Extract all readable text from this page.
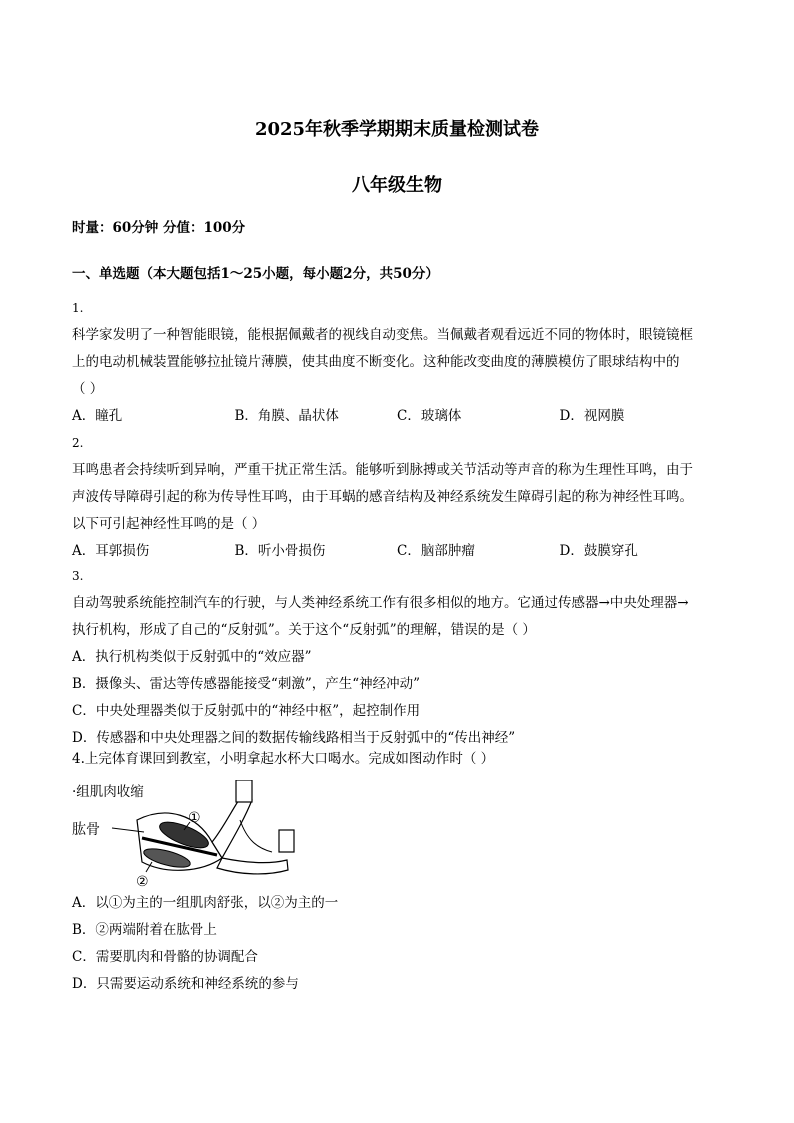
2025年秋季学期期末质量检测试卷
八年级生物
时量：60分钟 分值：100分
一、单选题（本大题包括1～25小题，每小题2分，共50分）
1.
科学家发明了一种智能眼镜，能根据佩戴者的视线自动变焦。当佩戴者观看远近不同的物体时，眼镜镜框
上的电动机械装置能够拉扯镜片薄膜，使其曲度不断变化。这种能改变曲度的薄膜模仿了眼球结构中的
（ ）
A．瞳孔	B．角膜、晶状体	C．玻璃体	D．视网膜
2.
耳鸣患者会持续听到异响，严重干扰正常生活。能够听到脉搏或关节活动等声音的称为生理性耳鸣，由于
声波传导障碍引起的称为传导性耳鸣，由于耳蜗的感音结构及神经系统发生障碍引起的称为神经性耳鸣。
以下可引起神经性耳鸣的是（ ）
A．耳郭损伤	B．听小骨损伤	C．脑部肿瘤	D．鼓膜穿孔
3.
自动驾驶系统能控制汽车的行驶，与人类神经系统工作有很多相似的地方。它通过传感器→中央处理器→
执行机构，形成了自己的“反射弧”。关于这个“反射弧”的理解，错误的是（ ）
A．执行机构类似于反射弧中的“效应器”
B．摄像头、雷达等传感器能接受“刺激”，产生“神经冲动”
C．中央处理器类似于反射弧中的“神经中枢”，起控制作用
D．传感器和中央处理器之间的数据传输线路相当于反射弧中的“传出神经”
4.上完体育课回到教室，小明拿起水杯大口喝水。完成如图动作时（ ）
·组肌肉收缩
肱骨
①
②
A．以①为主的一组肌肉舒张，以②为主的一
B．②两端附着在肱骨上
C．需要肌肉和骨骼的协调配合
D．只需要运动系统和神经系统的参与
